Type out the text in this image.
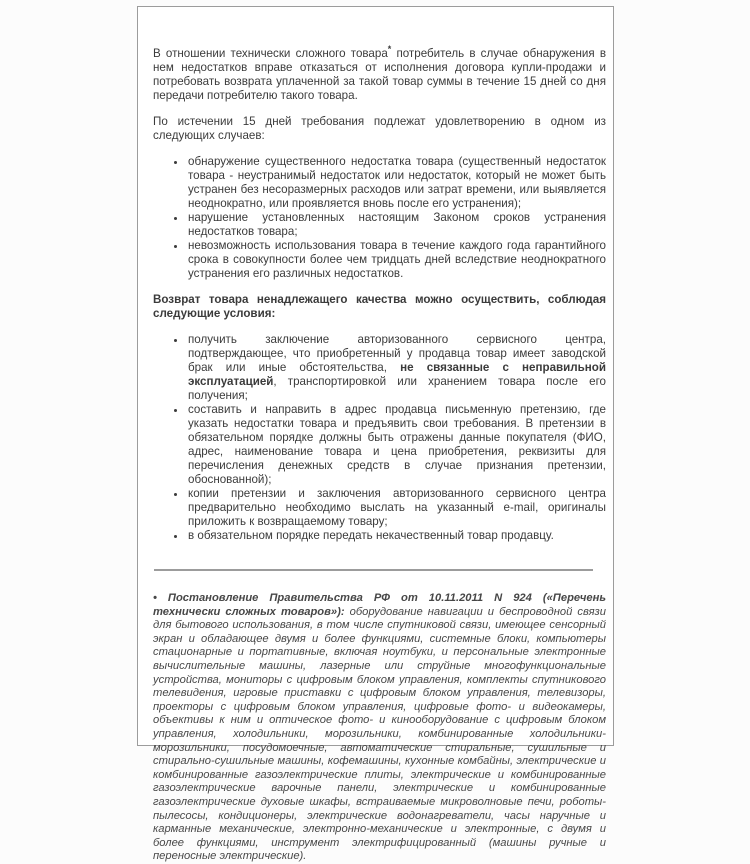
В отношении технически сложного товара* потребитель в случае обнаружения в нем недостатков вправе отказаться от исполнения договора купли-продажи и потребовать возврата уплаченной за такой товар суммы в течение 15 дней со дня передачи потребителю такого товара.

По истечении 15 дней требования подлежат удовлетворению в одном из следующих случаев:

• обнаружение существенного недостатка товара (существенный недостаток товара - неустранимый недостаток или недостаток, который не может быть устранен без несоразмерных расходов или затрат времени, или выявляется неоднократно, или проявляется вновь после его устранения);
• нарушение установленных настоящим Законом сроков устранения недостатков товара;
• невозможность использования товара в течение каждого года гарантийного срока в совокупности более чем тридцать дней вследствие неоднократного устранения его различных недостатков.

Возврат товара ненадлежащего качества можно осуществить, соблюдая следующие условия:

• получить заключение авторизованного сервисного центра, подтверждающее, что приобретенный у продавца товар имеет заводской брак или иные обстоятельства, не связанные с неправильной эксплуатацией, транспортировкой или хранением товара после его получения;
• составить и направить в адрес продавца письменную претензию, где указать недостатки товара и предъявить свои требования. В претензии в обязательном порядке должны быть отражены данные покупателя (ФИО, адрес, наименование товара и цена приобретения, реквизиты для перечисления денежных средств в случае признания претензии, обоснованной);
• копии претензии и заключения авторизованного сервисного центра предварительно необходимо выслать на указанный e-mail, оригиналы приложить к возвращаемому товару;
• в обязательном порядке передать некачественный товар продавцу.

• Постановление Правительства РФ от 10.11.2011 N 924 («Перечень технически сложных товаров»): оборудование навигации и беспроводной связи для бытового использования, в том числе спутниковой связи, имеющее сенсорный экран и обладающее двумя и более функциями, системные блоки, компьютеры стационарные и портативные, включая ноутбуки, и персональные электронные вычислительные машины, лазерные или струйные многофункциональные устройства, мониторы с цифровым блоком управления, комплекты спутникового телевидения, игровые приставки с цифровым блоком управления, телевизоры, проекторы с цифровым блоком управления, цифровые фото- и видеокамеры, объективы к ним и оптическое фото- и кинооборудование с цифровым блоком управления, холодильники, морозильники, комбинированные холодильники-морозильники, посудомоечные, автоматические стиральные, сушильные и стирально-сушильные машины, кофемашины, кухонные комбайны, электрические и комбинированные газоэлектрические плиты, электрические и комбинированные газоэлектрические варочные панели, электрические и комбинированные газоэлектрические духовые шкафы, встраиваемые микроволновые печи, роботы-пылесосы, кондиционеры, электрические водонагреватели, часы наручные и карманные механические, электронно-механические и электронные, с двумя и более функциями, инструмент электрифицированный (машины ручные и переносные электрические).
